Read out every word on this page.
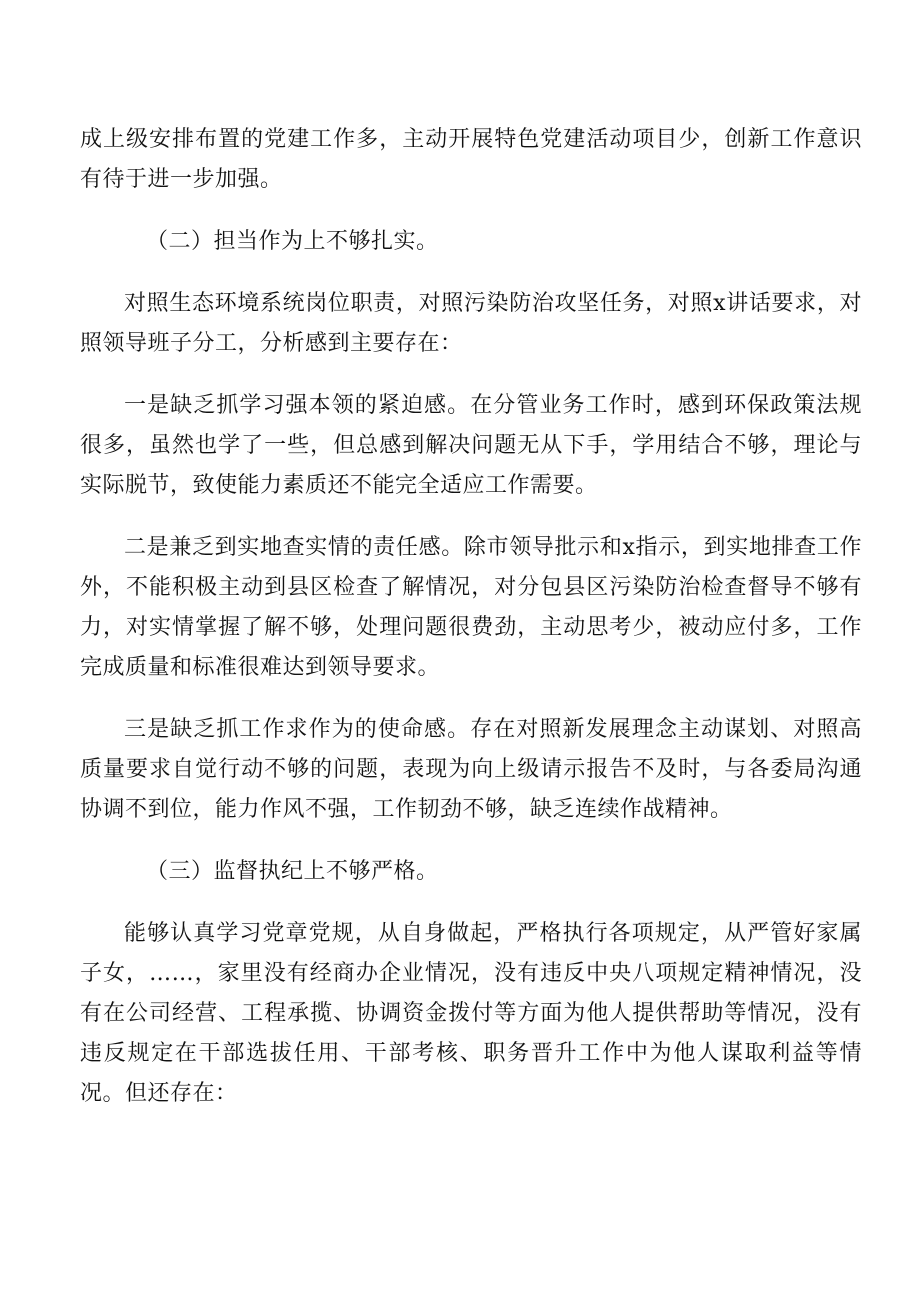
成上级安排布置的党建工作多，主动开展特色党建活动项目少，创新工作意识有待于进一步加强。

（二）担当作为上不够扎实。

对照生态环境系统岗位职责，对照污染防治攻坚任务，对照x讲话要求，对照领导班子分工，分析感到主要存在：

一是缺乏抓学习强本领的紧迫感。在分管业务工作时，感到环保政策法规很多，虽然也学了一些，但总感到解决问题无从下手，学用结合不够，理论与实际脱节，致使能力素质还不能完全适应工作需要。

二是兼乏到实地查实情的责任感。除市领导批示和x指示，到实地排查工作外，不能积极主动到县区检查了解情况，对分包县区污染防治检查督导不够有力，对实情掌握了解不够，处理问题很费劲，主动思考少，被动应付多，工作完成质量和标准很难达到领导要求。

三是缺乏抓工作求作为的使命感。存在对照新发展理念主动谋划、对照高质量要求自觉行动不够的问题，表现为向上级请示报告不及时，与各委局沟通协调不到位，能力作风不强，工作韧劲不够，缺乏连续作战精神。

（三）监督执纪上不够严格。

能够认真学习党章党规，从自身做起，严格执行各项规定，从严管好家属子女，……，家里没有经商办企业情况，没有违反中央八项规定精神情况，没有在公司经营、工程承揽、协调资金拨付等方面为他人提供帮助等情况，没有违反规定在干部选拔任用、干部考核、职务晋升工作中为他人谋取利益等情况。但还存在：
